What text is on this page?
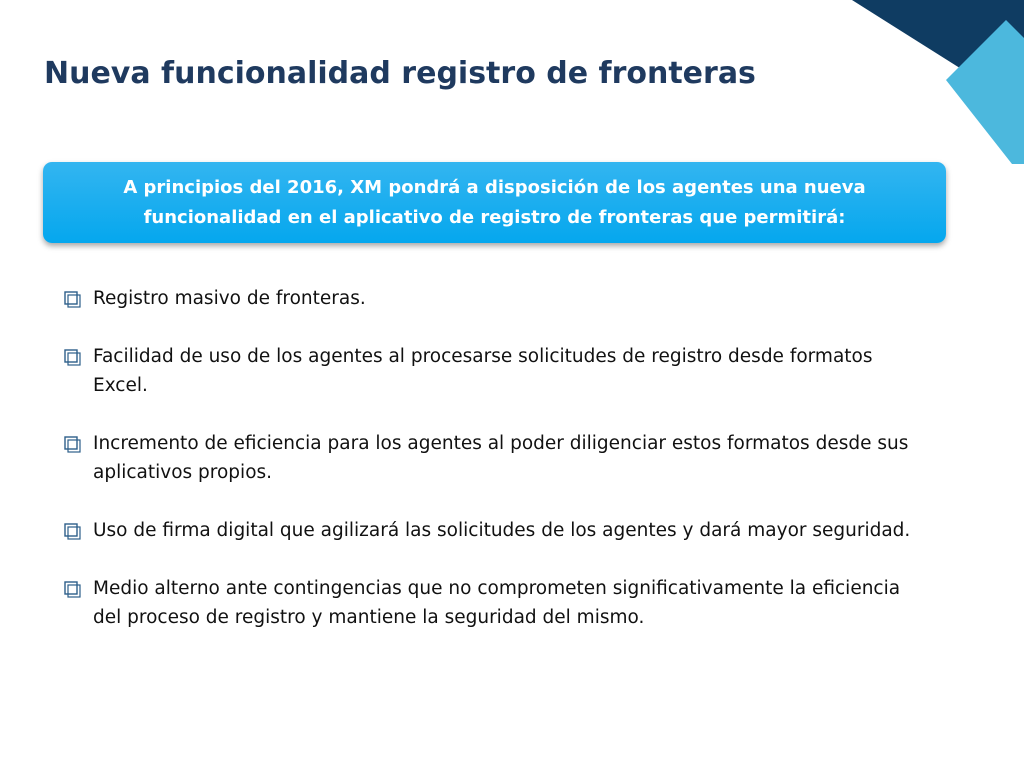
Nueva funcionalidad registro de fronteras
A principios del 2016, XM pondrá a disposición de los agentes una nueva funcionalidad en el aplicativo de registro de fronteras que permitirá:
Registro masivo de fronteras.
Facilidad de uso de los agentes al procesarse solicitudes de registro desde formatos Excel.
Incremento de eficiencia para los agentes al poder diligenciar estos formatos desde sus aplicativos propios.
Uso de firma digital que agilizará las solicitudes de los agentes y dará mayor seguridad.
Medio alterno ante contingencias que no comprometen significativamente la eficiencia del proceso de registro y mantiene la seguridad del mismo.
